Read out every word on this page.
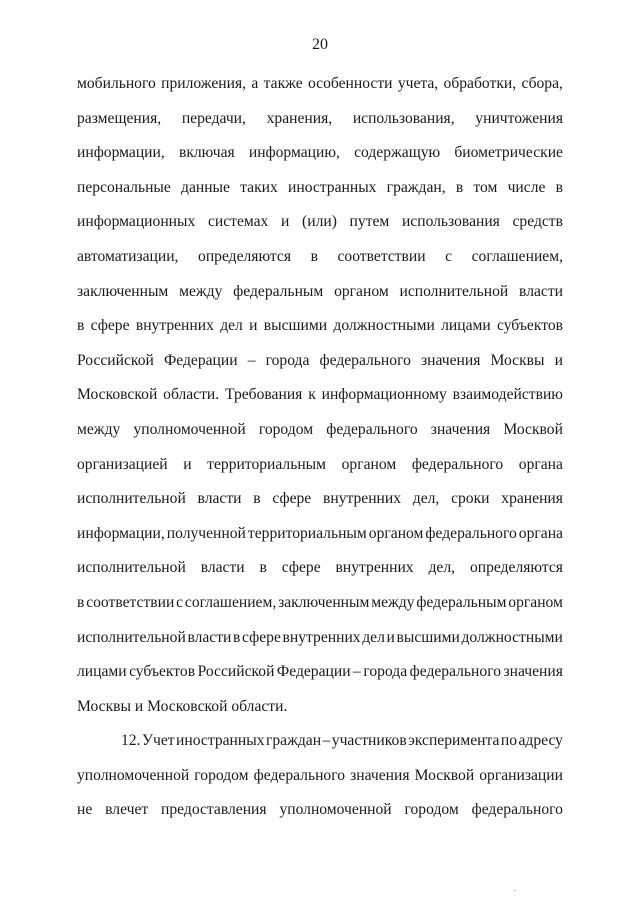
20
мобильного приложения, а также особенности учета, обработки, сбора,
размещения, передачи, хранения, использования, уничтожения
информации, включая информацию, содержащую биометрические
персональные данные таких иностранных граждан, в том числе в
информационных системах и (или) путем использования средств
автоматизации, определяются в соответствии с соглашением,
заключенным между федеральным органом исполнительной власти
в сфере внутренних дел и высшими должностными лицами субъектов
Российской Федерации – города федерального значения Москвы и
Московской области. Требования к информационному взаимодействию
между уполномоченной городом федерального значения Москвой
организацией и территориальным органом федерального органа
исполнительной власти в сфере внутренних дел, сроки хранения
информации, полученной территориальным органом федерального органа
исполнительной власти в сфере внутренних дел, определяются
в соответствии с соглашением, заключенным между федеральным органом
исполнительной власти в сфере внутренних дел и высшими должностными
лицами субъектов Российской Федерации – города федерального значения
Москвы и Московской области.
12. Учет иностранных граждан – участников эксперимента по адресу
уполномоченной городом федерального значения Москвой организации
не влечет предоставления уполномоченной городом федерального
